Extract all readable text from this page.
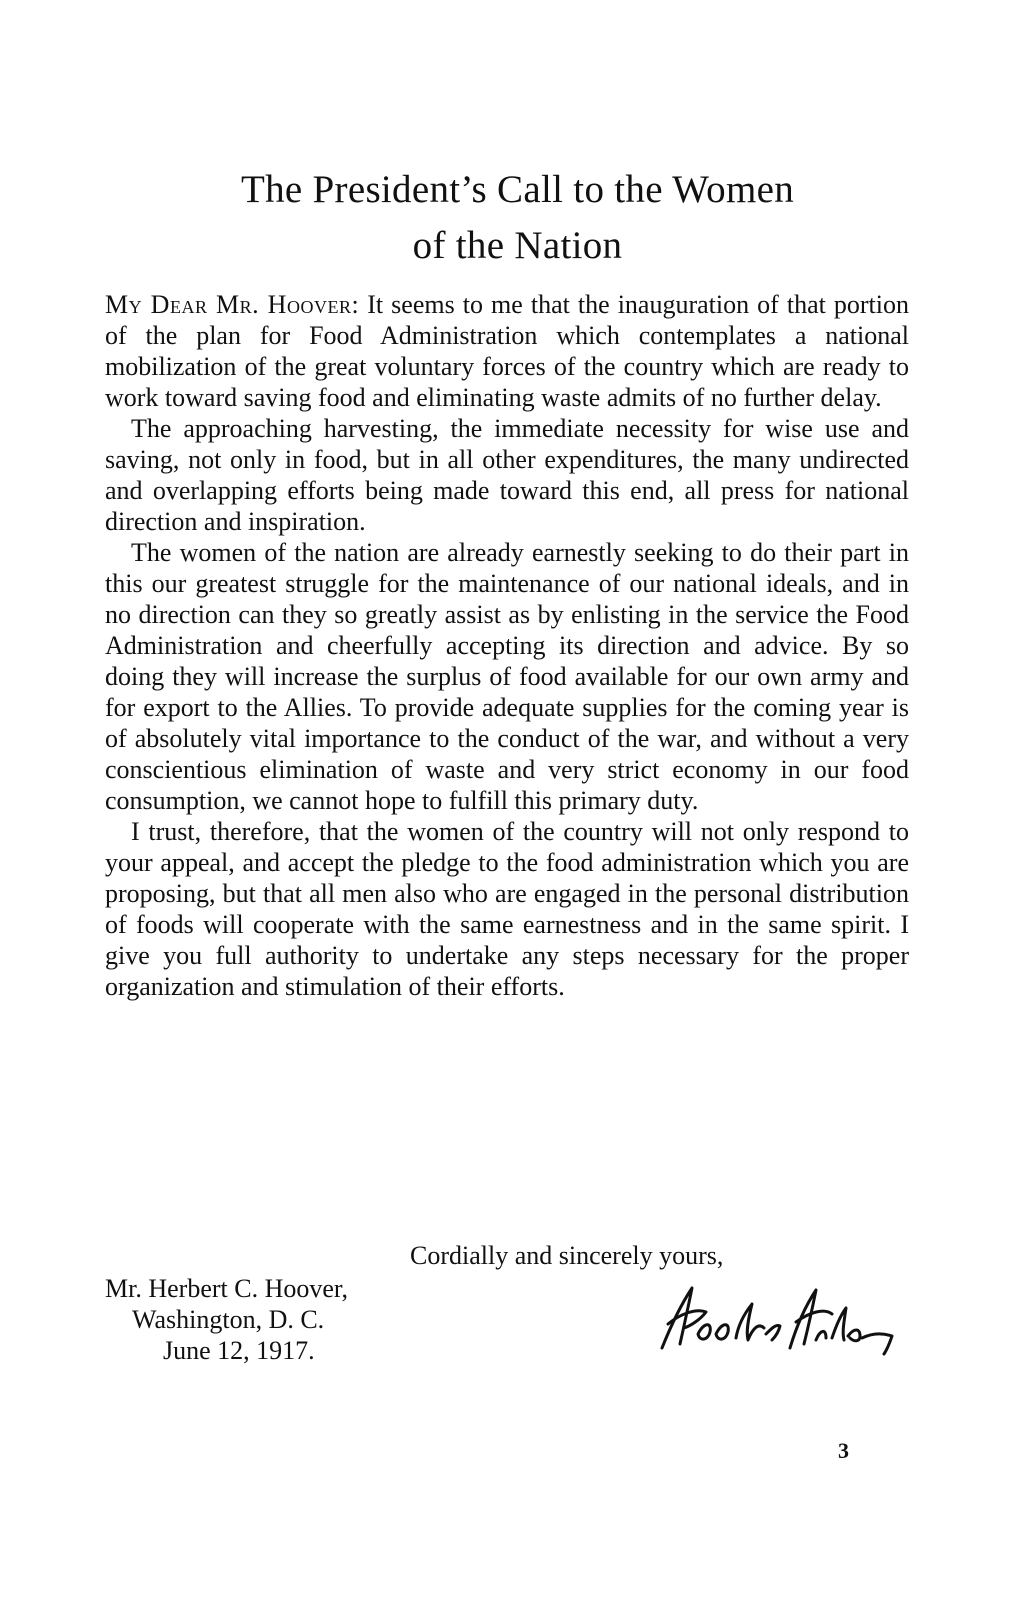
The President’s Call to the Women
of the Nation

My Dear Mr. Hoover: It seems to me that the inauguration of that portion of the plan for Food Administration which contemplates a national mobilization of the great voluntary forces of the country which are ready to work toward saving food and eliminating waste admits of no further delay.

The approaching harvesting, the immediate necessity for wise use and saving, not only in food, but in all other expenditures, the many undirected and overlapping efforts being made toward this end, all press for national direction and inspiration.

The women of the nation are already earnestly seeking to do their part in this our greatest struggle for the maintenance of our national ideals, and in no direction can they so greatly assist as by enlisting in the service the Food Administration and cheerfully accepting its direction and advice. By so doing they will increase the surplus of food available for our own army and for export to the Allies. To provide adequate supplies for the coming year is of absolutely vital importance to the conduct of the war, and without a very conscientious elimination of waste and very strict economy in our food consumption, we cannot hope to fulfill this primary duty.

I trust, therefore, that the women of the country will not only respond to your appeal, and accept the pledge to the food administration which you are proposing, but that all men also who are engaged in the personal distribution of foods will cooperate with the same earnestness and in the same spirit. I give you full authority to undertake any steps necessary for the proper organization and stimulation of their efforts.

Cordially and sincerely yours,

Mr. Herbert C. Hoover,
Washington, D. C.
June 12, 1917.

3
